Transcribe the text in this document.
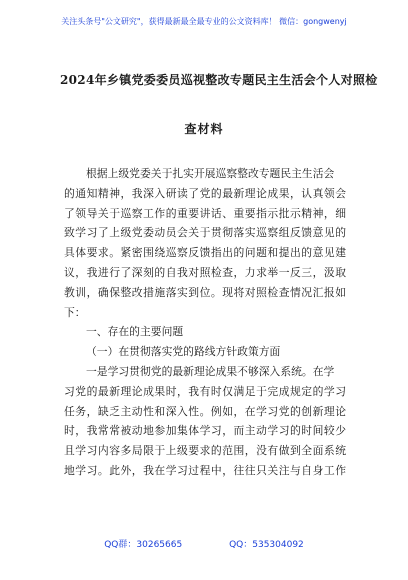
关注头条号"公文研究"，获得最新最全最专业的公文资料库！ 微信：gongwenyj
2024年乡镇党委委员巡视整改专题民主生活会个人对照检
查材料
根据上级党委关于扎实开展巡察整改专题民主生活会
的通知精神，我深入研读了党的最新理论成果，认真领会
了领导关于巡察工作的重要讲话、重要指示批示精神，细
致学习了上级党委动员会关于贯彻落实巡察组反馈意见的
具体要求。紧密围绕巡察反馈指出的问题和提出的意见建
议，我进行了深刻的自我对照检查，力求举一反三，汲取
教训，确保整改措施落实到位。现将对照检查情况汇报如
下：
一、存在的主要问题
（一）在贯彻落实党的路线方针政策方面
一是学习贯彻党的最新理论成果不够深入系统。在学
习党的最新理论成果时，我有时仅满足于完成规定的学习
任务，缺乏主动性和深入性。例如，在学习党的创新理论
时，我常常被动地参加集体学习，而主动学习的时间较少
且学习内容多局限于上级要求的范围，没有做到全面系统
地学习。此外，我在学习过程中，往往只关注与自身工作
QQ群：30265665	QQ：535304092
